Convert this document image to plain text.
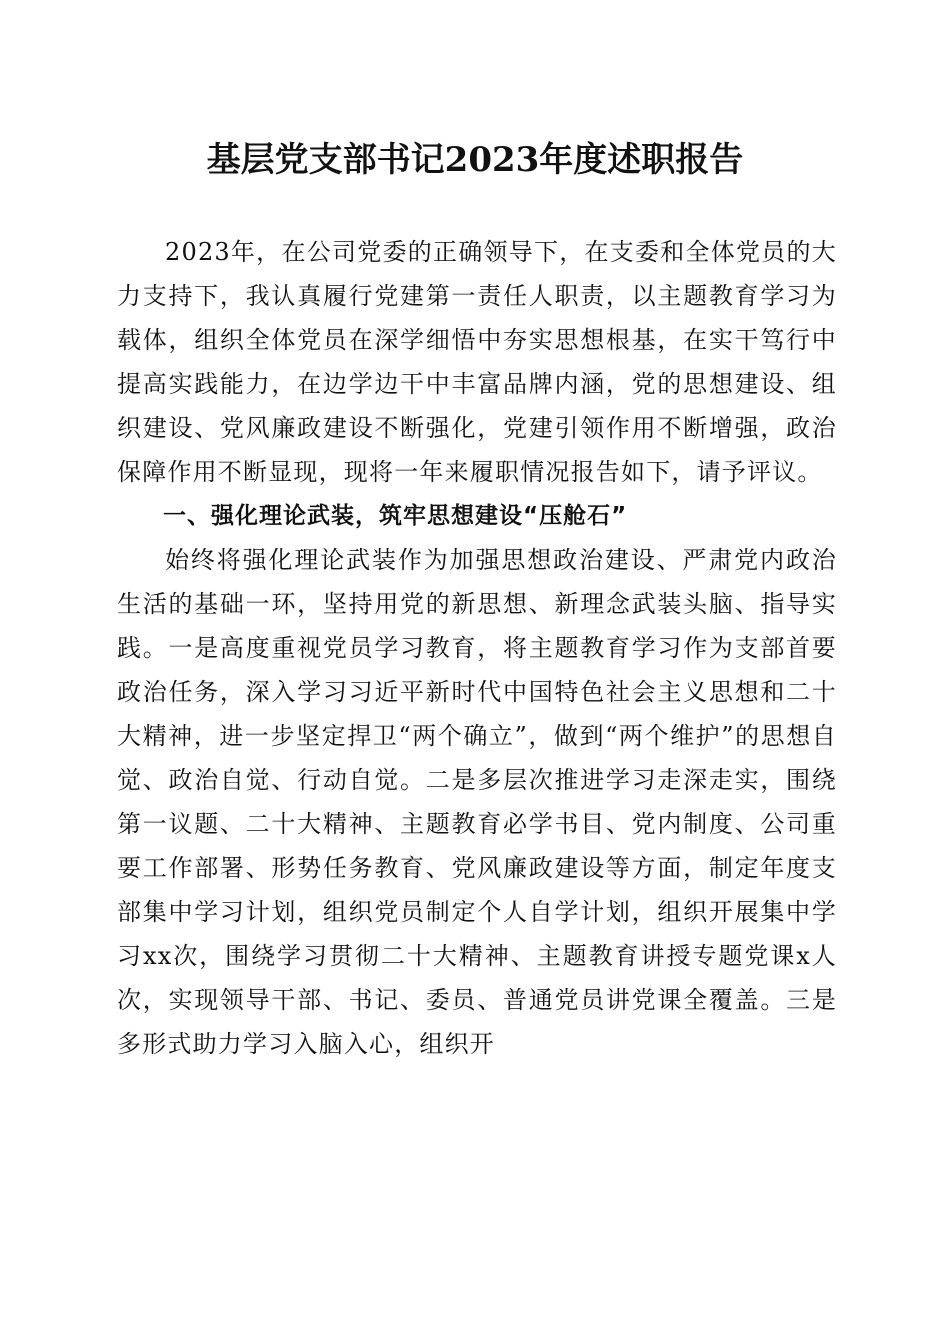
基层党支部书记2023年度述职报告

2023年，在公司党委的正确领导下，在支委和全体党员的大力支持下，我认真履行党建第一责任人职责，以主题教育学习为载体，组织全体党员在深学细悟中夯实思想根基，在实干笃行中提高实践能力，在边学边干中丰富品牌内涵，党的思想建设、组织建设、党风廉政建设不断强化，党建引领作用不断增强，政治保障作用不断显现，现将一年来履职情况报告如下，请予评议。

一、强化理论武装，筑牢思想建设“压舱石”

始终将强化理论武装作为加强思想政治建设、严肃党内政治生活的基础一环，坚持用党的新思想、新理念武装头脑、指导实践。一是高度重视党员学习教育，将主题教育学习作为支部首要政治任务，深入学习习近平新时代中国特色社会主义思想和二十大精神，进一步坚定捍卫“两个确立”，做到“两个维护”的思想自觉、政治自觉、行动自觉。二是多层次推进学习走深走实，围绕第一议题、二十大精神、主题教育必学书目、党内制度、公司重要工作部署、形势任务教育、党风廉政建设等方面，制定年度支部集中学习计划，组织党员制定个人自学计划，组织开展集中学习xx次，围绕学习贯彻二十大精神、主题教育讲授专题党课x人次，实现领导干部、书记、委员、普通党员讲党课全覆盖。三是多形式助力学习入脑入心，组织开
